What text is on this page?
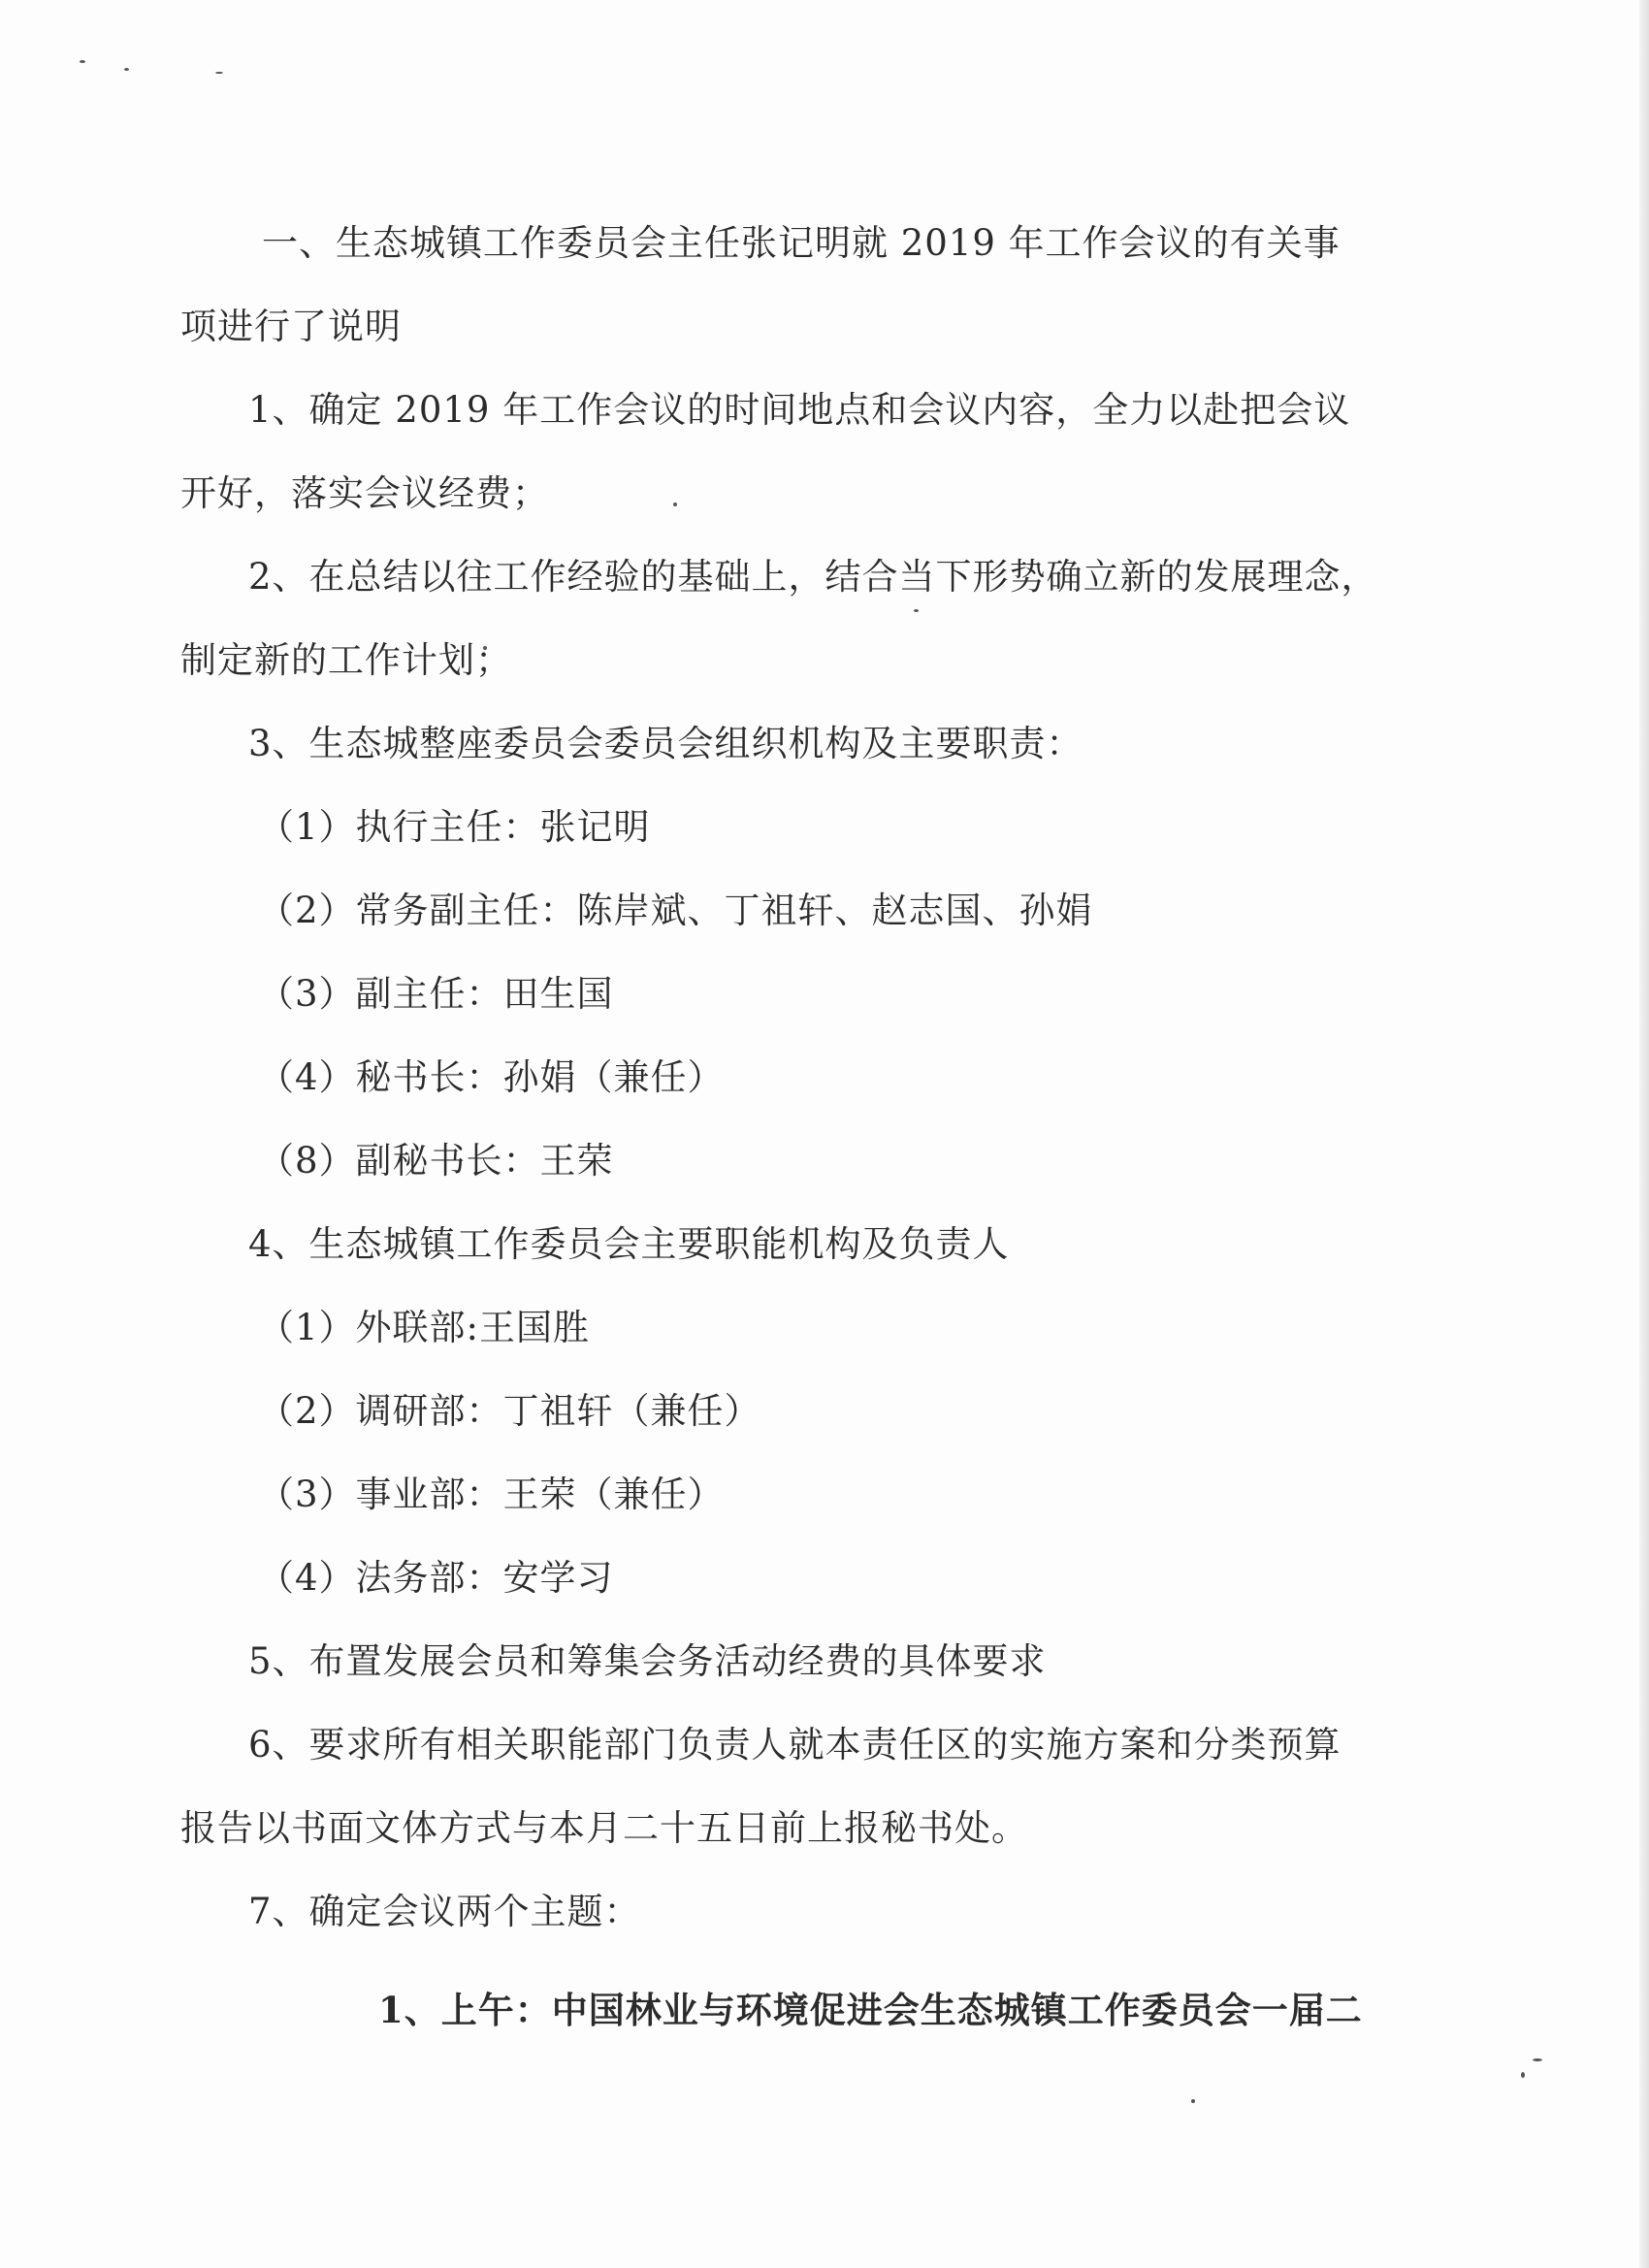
一、生态城镇工作委员会主任张记明就 2019 年工作会议的有关事
项进行了说明
1、确定 2019 年工作会议的时间地点和会议内容，全力以赴把会议
开好，落实会议经费；
2、在总结以往工作经验的基础上，结合当下形势确立新的发展理念，
制定新的工作计划；
3、生态城整座委员会委员会组织机构及主要职责：
（1）执行主任：张记明
（2）常务副主任：陈岸斌、丁祖轩、赵志国、孙娟
（3）副主任：田生国
（4）秘书长：孙娟（兼任）
（8）副秘书长：王荣
4、生态城镇工作委员会主要职能机构及负责人
（1）外联部:王国胜
（2）调研部：丁祖轩（兼任）
（3）事业部：王荣（兼任）
（4）法务部：安学习
5、布置发展会员和筹集会务活动经费的具体要求
6、要求所有相关职能部门负责人就本责任区的实施方案和分类预算
报告以书面文体方式与本月二十五日前上报秘书处。
7、确定会议两个主题：
1、上午：中国林业与环境促进会生态城镇工作委员会一届二
